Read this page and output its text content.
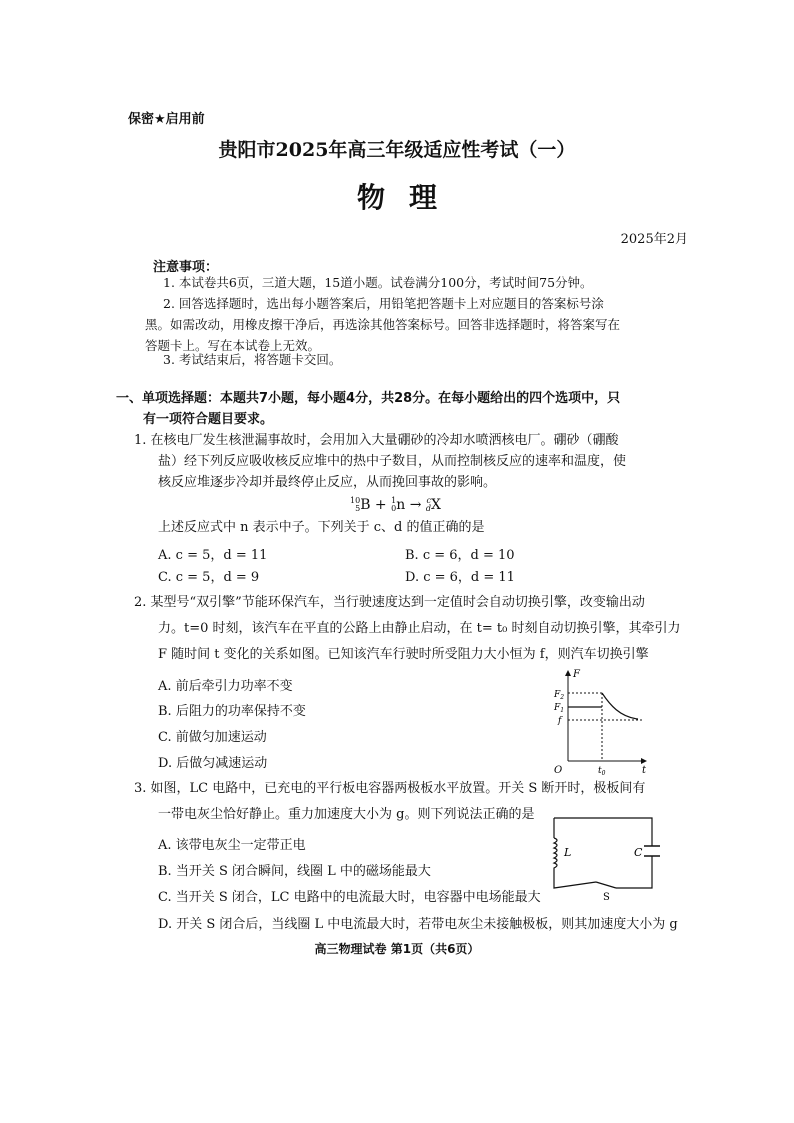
保密★启用前

贵阳市2025年高三年级适应性考试（一）

物理

2025年2月

注意事项：

1. 本试卷共6页，三道大题，15道小题。试卷满分100分，考试时间75分钟。

2. 回答选择题时，选出每小题答案后，用铅笔把答题卡上对应题目的答案标号涂

黑。如需改动，用橡皮擦干净后，再选涂其他答案标号。回答非选择题时，将答案写在

答题卡上。写在本试卷上无效。

3. 考试结束后，将答题卡交回。

一、单项选择题：本题共7小题，每小题4分，共28分。在每小题给出的四个选项中，只
有一项符合题目要求。

1. 在核电厂发生核泄漏事故时，会用加入大量硼砂的冷却水喷洒核电厂。硼砂（硼酸

盐）经下列反应吸收核反应堆中的热中子数目，从而控制核反应的速率和温度，使

核反应堆逐步冷却并最终停止反应，从而挽回事故的影响。

10
5 B + 1
0 n → c
d X

上述反应式中 n 表示中子。下列关于 c、d 的值正确的是

A. c = 5，d = 11	B. c = 6，d = 10

C. c = 5，d = 9	D. c = 6，d = 11

2. 某型号“双引擎”节能环保汽车，当行驶速度达到一定值时会自动切换引擎，改变输出动

力。t=0 时刻，该汽车在平直的公路上由静止启动，在 t= t₀ 时刻自动切换引擎，其牵引力

F 随时间 t 变化的关系如图。已知该汽车行驶时所受阻力大小恒为 f，则汽车切换引擎

A. 前后牵引力功率不变

B. 后阻力的功率保持不变

C. 前做匀加速运动

D. 后做匀减速运动

F
t
O
$F_2$
$F_1$
f
$t_0$

3. 如图，LC 电路中，已充电的平行板电容器两极板水平放置。开关 S 断开时，极板间有

一带电灰尘恰好静止。重力加速度大小为 g。则下列说法正确的是

A. 该带电灰尘一定带正电

B. 当开关 S 闭合瞬间，线圈 L 中的磁场能最大

C. 当开关 S 闭合，LC 电路中的电流最大时，电容器中电场能最大

D. 开关 S 闭合后，当线圈 L 中电流最大时，若带电灰尘未接触极板，则其加速度大小为 g

L	C
S

高三物理试卷 第1页（共6页）
